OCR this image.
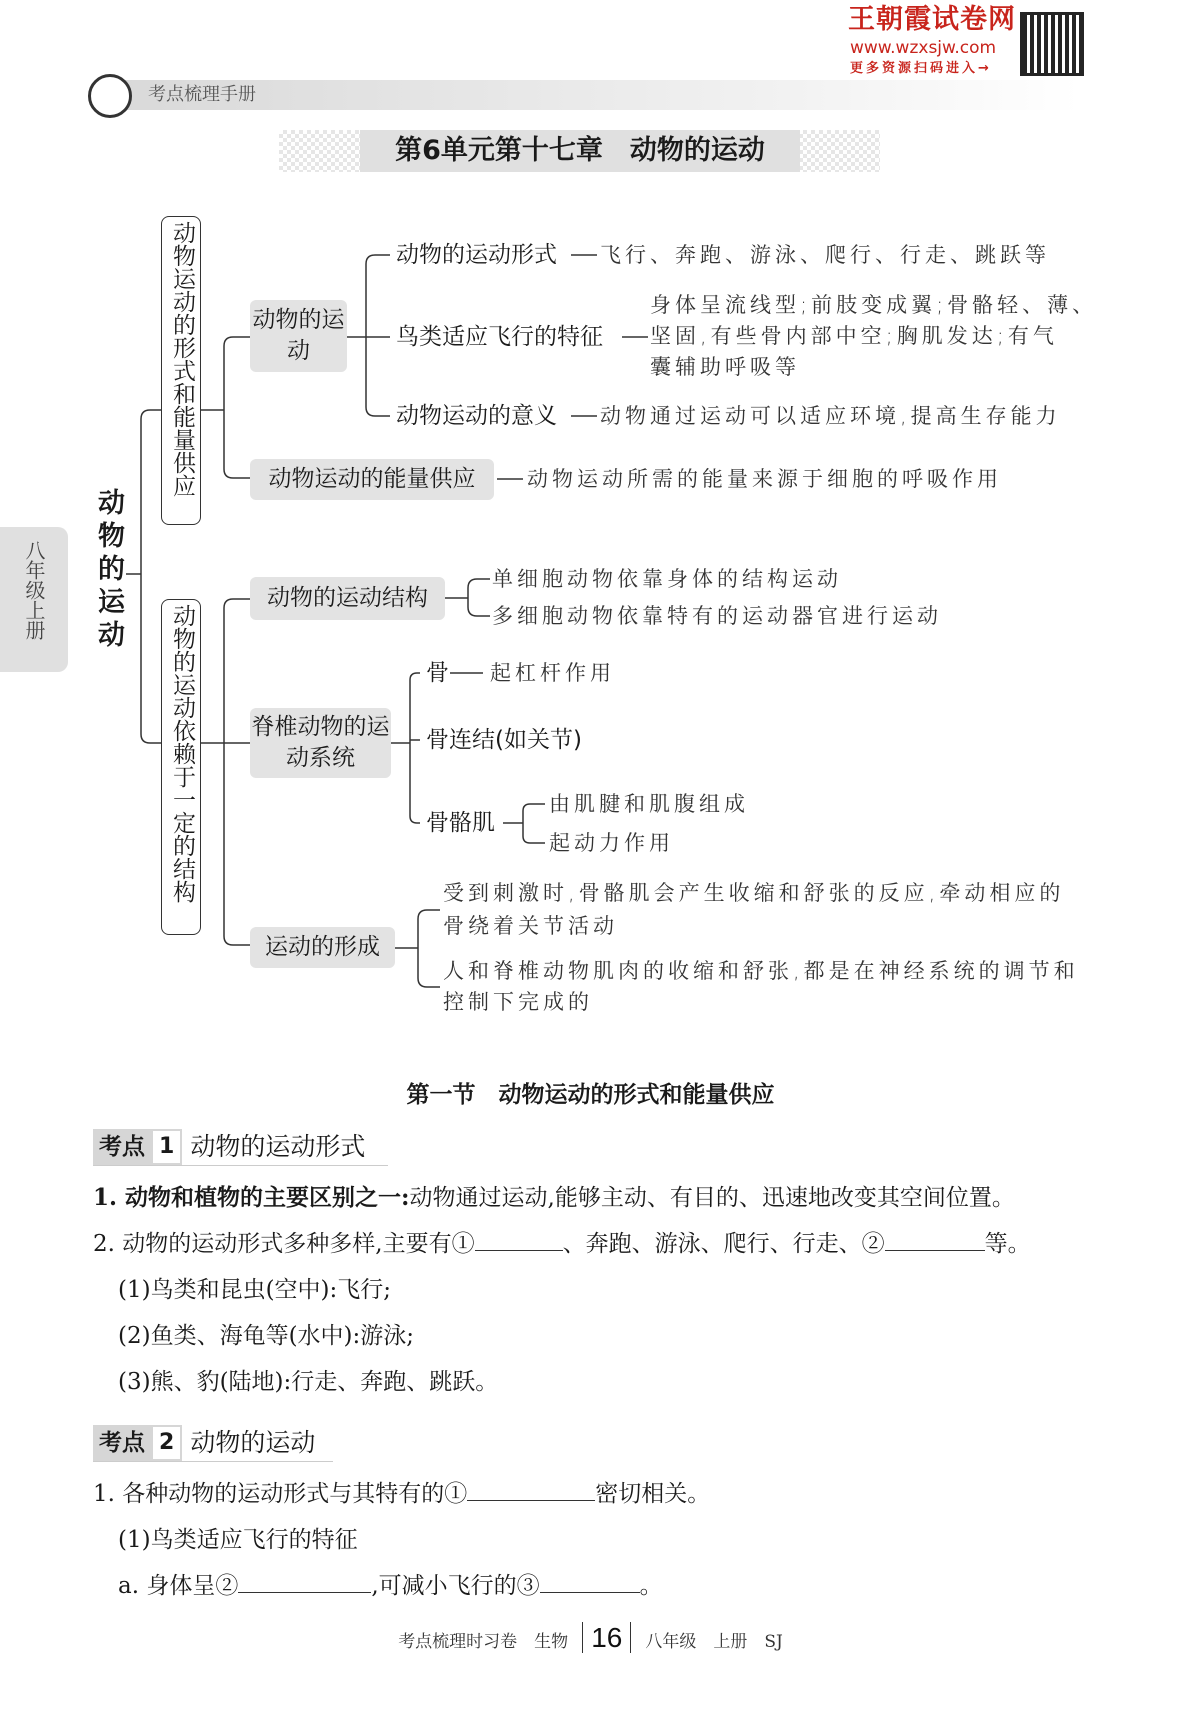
王朝霞试卷网
www.wzxsjw.com
更多资源扫码进入→
考点梳理手册
第6单元第十七章　动物的运动
八年级上册 动物的运动
动物运动的形式和能量供应
动物的运动依赖于一定的结构
动物的运动
动物的运动形式 飞行、奔跑、游泳、爬行、行走、跳跃等
鸟类适应飞行的特征
身体呈流线型;前肢变成翼;骨骼轻、薄、
坚固,有些骨内部中空;胸肌发达;有气
囊辅助呼吸等
动物运动的意义 动物通过运动可以适应环境,提高生存能力
动物运动的能量供应	动物运动所需的能量来源于细胞的呼吸作用
动物的运动结构
单细胞动物依靠身体的结构运动
多细胞动物依靠特有的运动器官进行运动
脊椎动物的运动系统
骨 起杠杆作用
骨连结(如关节)
骨骼肌
由肌腱和肌腹组成
起动力作用
运动的形成
受到刺激时,骨骼肌会产生收缩和舒张的反应,牵动相应的
骨绕着关节活动
人和脊椎动物肌肉的收缩和舒张,都是在神经系统的调节和
控制下完成的
第一节　动物运动的形式和能量供应
考点 1 动物的运动形式
1. 动物和植物的主要区别之一:动物通过运动,能够主动、有目的、迅速地改变其空间位置。
2. 动物的运动形式多种多样,主要有①	、奔跑、游泳、爬行、行走、②	等。
(1)鸟类和昆虫(空中):飞行;
(2)鱼类、海龟等(水中):游泳;
(3)熊、豹(陆地):行走、奔跑、跳跃。
考点 2 动物的运动
1. 各种动物的运动形式与其特有的①	密切相关。
(1)鸟类适应飞行的特征
a. 身体呈②	,可减小飞行的③	。
考点梳理时习卷　生物 16 八年级　上册　SJ
